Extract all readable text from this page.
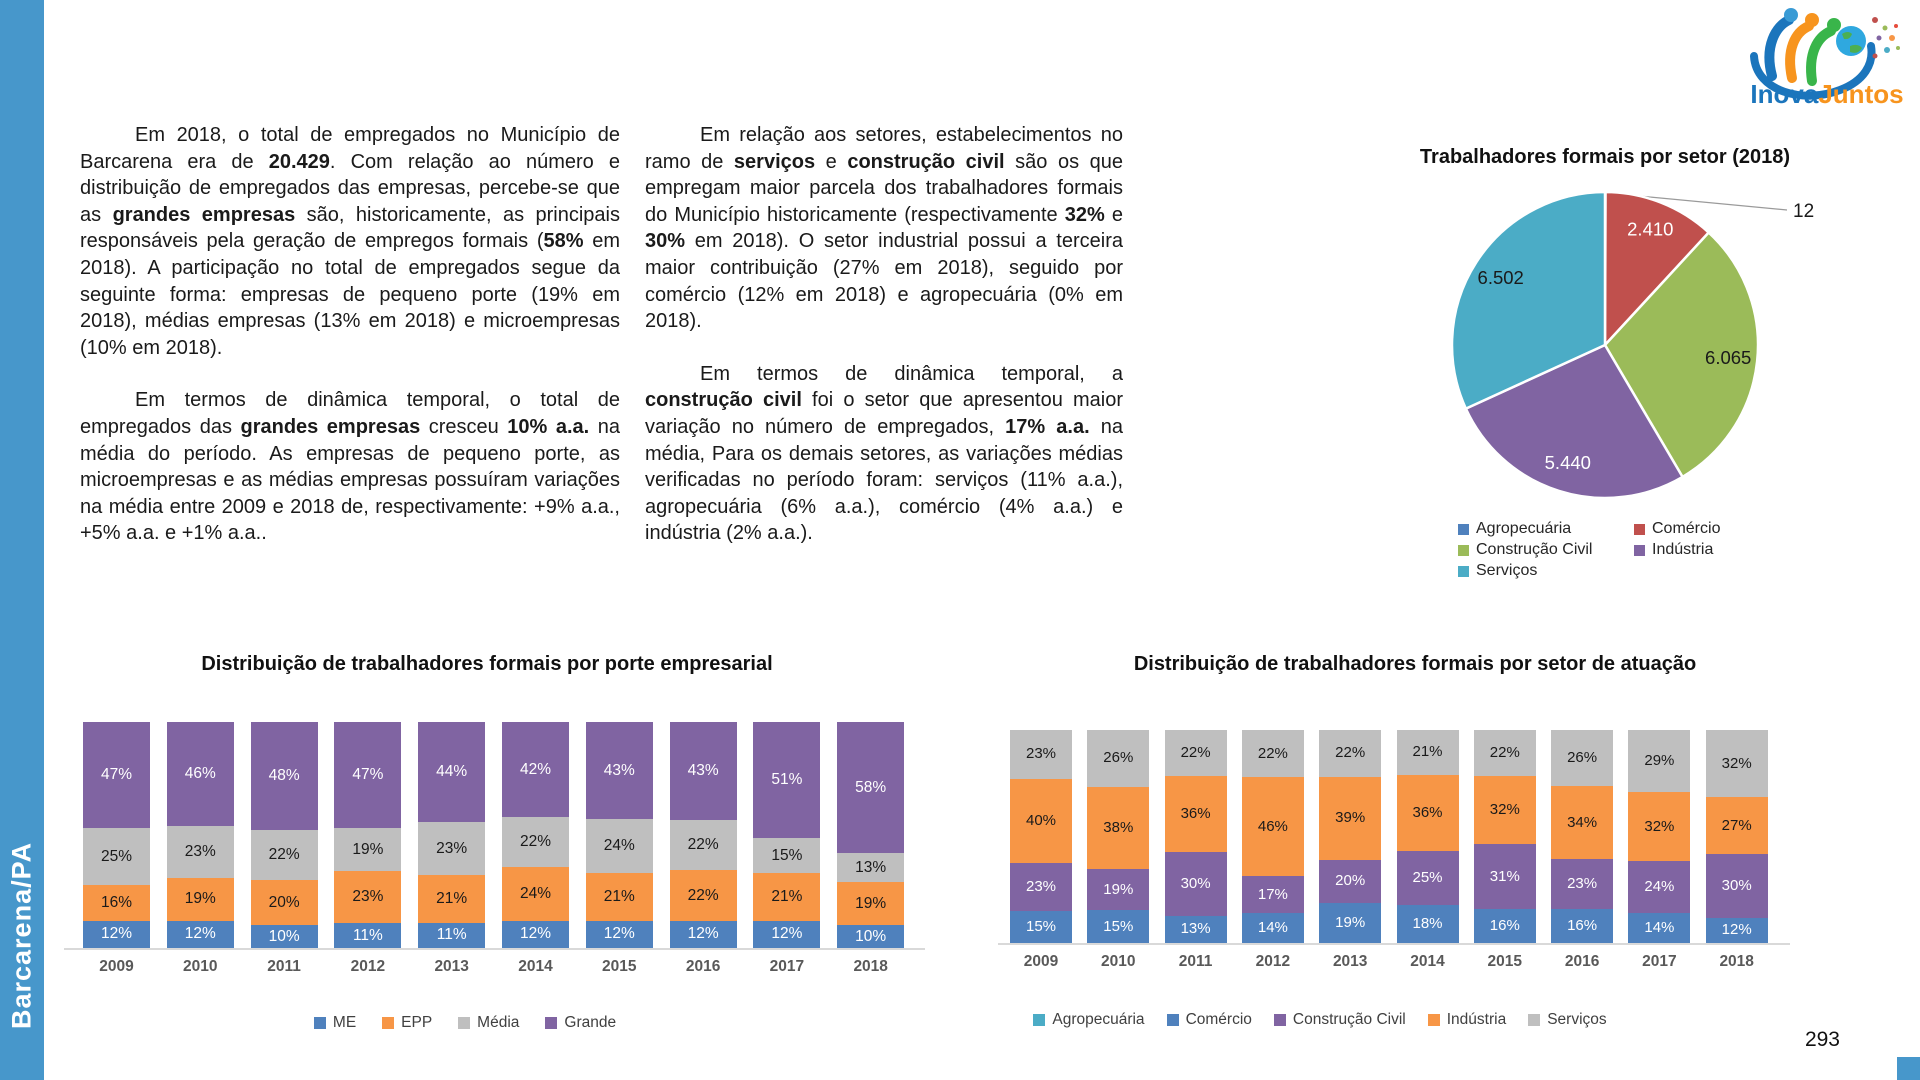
Barcarena/PA
InovaJuntos

Em 2018, o total de empregados no Município de Barcarena era de 20.429. Com relação ao número e distribuição de empregados das empresas, percebe-se que as grandes empresas são, historicamente, as principais responsáveis pela geração de empregos formais (58% em 2018). A participação no total de empregados segue da seguinte forma: empresas de pequeno porte (19% em 2018), médias empresas (13% em 2018) e microempresas (10% em 2018).

Em termos de dinâmica temporal, o total de empregados das grandes empresas cresceu 10% a.a. na média do período. As empresas de pequeno porte, as microempresas e as médias empresas possuíram variações na média entre 2009 e 2018 de, respectivamente: +9% a.a., +5% a.a. e +1% a.a..

Em relação aos setores, estabelecimentos no ramo de serviços e construção civil são os que empregam maior parcela dos trabalhadores formais do Município historicamente (respectivamente 32% e 30% em 2018). O setor industrial possui a terceira maior contribuição (27% em 2018), seguido por comércio (12% em 2018) e agropecuária (0% em 2018).

Em termos de dinâmica temporal, a construção civil foi o setor que apresentou maior variação no número de empregados, 17% a.a. na média, Para os demais setores, as variações médias verificadas no período foram: serviços (11% a.a.), agropecuária (6% a.a.), comércio (4% a.a.) e indústria (2% a.a.).

Trabalhadores formais por setor (2018)
12
2.410
6.065
5.440
6.502
Agropecuária	Comércio
Construção Civil	Indústria
Serviços
Distribuição de trabalhadores formais por porte empresarial
12%
16%
25%
47%
2009
12%
19%
23%
46%
2010
10%
20%
22%
48%
2011
11%
23%
19%
47%
2012
11%
21%
23%
44%
2013
12%
24%
22%
42%
2014
12%
21%
24%
43%
2015
12%
22%
22%
43%
2016
12%
21%
15%
51%
2017
10%
19%
13%
58%
2018
ME	EPP	Média	Grande
Distribuição de trabalhadores formais por setor de atuação
15%
23%
40%
23%
2009
15%
19%
38%
26%
2010
13%
30%
36%
22%
2011
14%
17%
46%
22%
2012
19%
20%
39%
22%
2013
18%
25%
36%
21%
2014
16%
31%
32%
22%
2015
16%
23%
34%
26%
2016
14%
24%
32%
29%
2017
12%
30%
27%
32%
2018
Agropecuária	Comércio	Construção Civil	Indústria	Serviços
293
